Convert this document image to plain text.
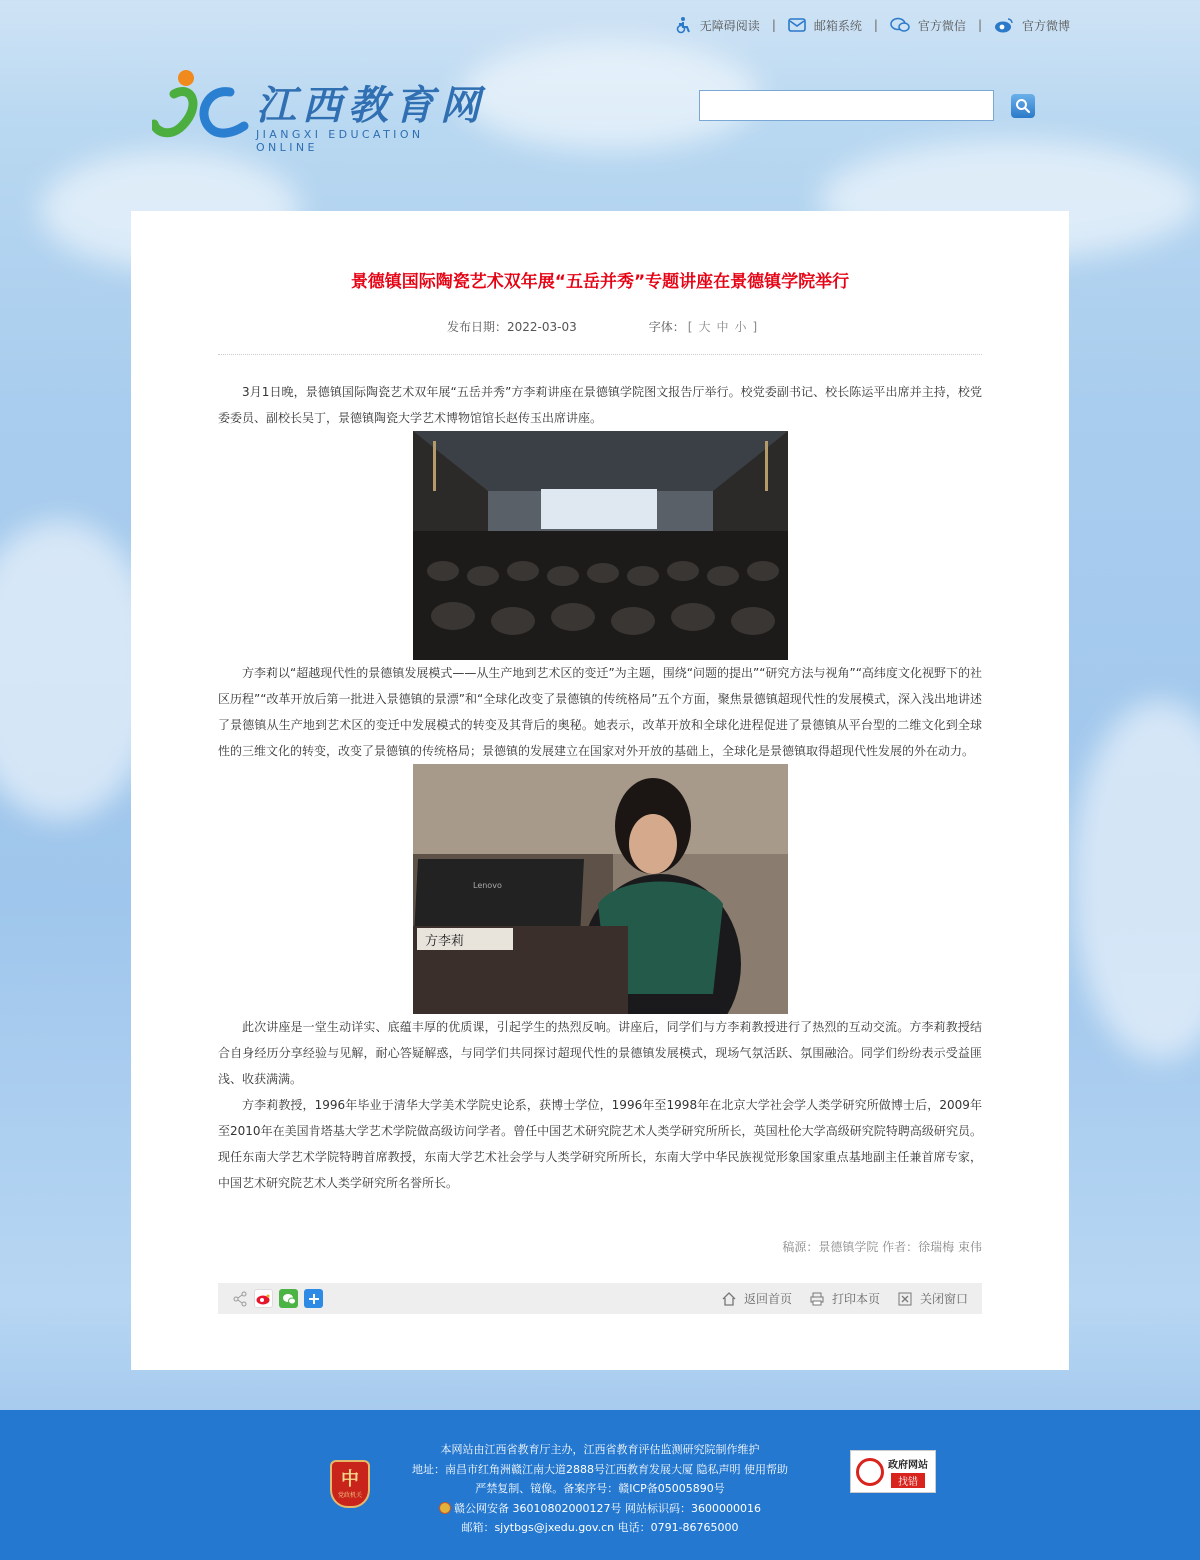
无障碍阅读 |	邮箱系统 |	官方微信 |	官方微博
江西教育网
JIANGXI EDUCATION ONLINE
景德镇国际陶瓷艺术双年展“五岳并秀”专题讲座在景德镇学院举行
发布日期：2022-03-03	字体： [ 大 中 小 ]

3月1日晚，景德镇国际陶瓷艺术双年展“五岳并秀”方李莉讲座在景德镇学院图文报告厅举行。校党委副书记、校长陈运平出席并主持，校党委委员、副校长吴丁，景德镇陶瓷大学艺术博物馆馆长赵传玉出席讲座。

方李莉以“超越现代性的景德镇发展模式——从生产地到艺术区的变迁”为主题，围绕“问题的提出”“研究方法与视角”“高纬度文化视野下的社区历程”“改革开放后第一批进入景德镇的景漂”和“全球化改变了景德镇的传统格局”五个方面，聚焦景德镇超现代性的发展模式，深入浅出地讲述了景德镇从生产地到艺术区的变迁中发展模式的转变及其背后的奥秘。她表示，改革开放和全球化进程促进了景德镇从平台型的二维文化到全球性的三维文化的转变，改变了景德镇的传统格局；景德镇的发展建立在国家对外开放的基础上，全球化是景德镇取得超现代性发展的外在动力。

Lenovo
方李莉

此次讲座是一堂生动详实、底蕴丰厚的优质课，引起学生的热烈反响。讲座后，同学们与方李莉教授进行了热烈的互动交流。方李莉教授结合自身经历分享经验与见解，耐心答疑解惑，与同学们共同探讨超现代性的景德镇发展模式，现场气氛活跃、氛围融洽。同学们纷纷表示受益匪浅、收获满满。

方李莉教授，1996年毕业于清华大学美术学院史论系，获博士学位，1996年至1998年在北京大学社会学人类学研究所做博士后，2009年至2010年在美国肯塔基大学艺术学院做高级访问学者。曾任中国艺术研究院艺术人类学研究所所长，英国杜伦大学高级研究院特聘高级研究员。现任东南大学艺术学院特聘首席教授，东南大学艺术社会学与人类学研究所所长，东南大学中华民族视觉形象国家重点基地副主任兼首席专家，中国艺术研究院艺术人类学研究所名誉所长。

稿源：景德镇学院 作者：徐瑞梅 束伟
返回首页	打印本页	关闭窗口
中
党政机关
本网站由江西省教育厅主办，江西省教育评估监测研究院制作维护
地址：南昌市红角洲赣江南大道2888号江西教育发展大厦 隐私声明 使用帮助
严禁复制、镜像。备案序号：赣ICP备05005890号
赣公网安备 36010802000127号 网站标识码：3600000016
邮箱：sjytbgs@jxedu.gov.cn 电话：0791-86765000
政府网站
找错
